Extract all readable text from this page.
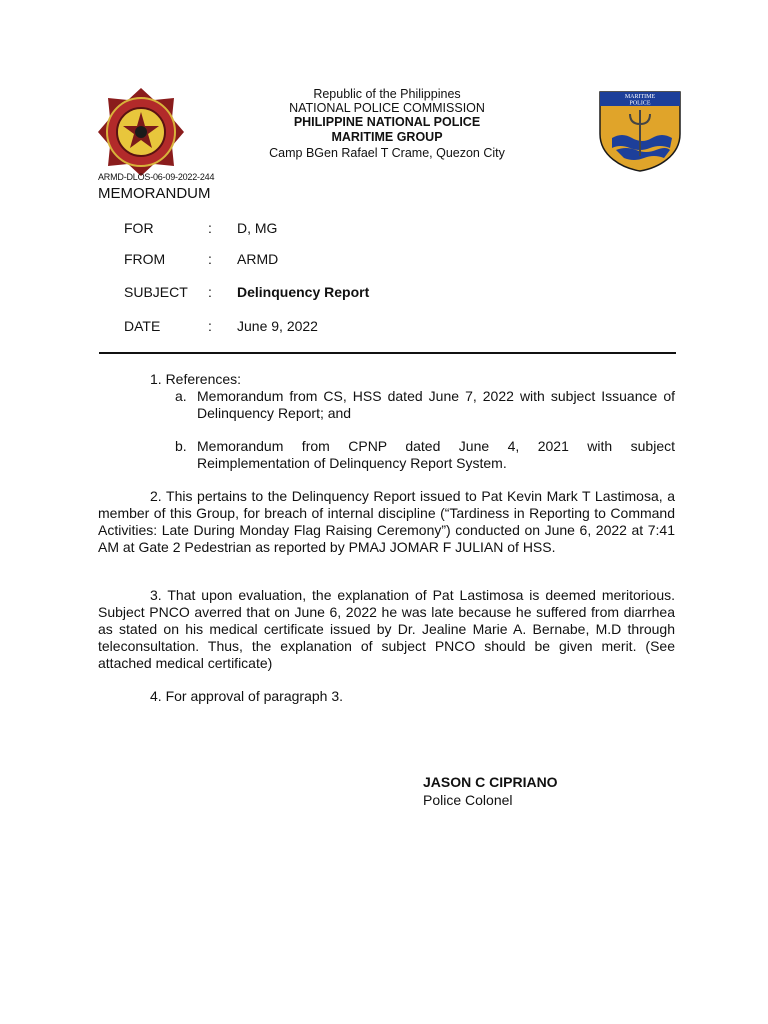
MARITIME
POLICE
Republic of the Philippines
NATIONAL POLICE COMMISSION
PHILIPPINE NATIONAL POLICE
MARITIME GROUP
Camp BGen Rafael T Crame, Quezon City
ARMD-DLOS-06-09-2022-244
MEMORANDUM
FOR	: D, MG
FROM	: ARMD
SUBJECT : Delinquency Report
DATE	: June 9, 2022
1. References:
a. Memorandum from CS, HSS dated June 7, 2022 with subject Issuance of Delinquency Report; and
b. Memorandum from CPNP dated June 4, 2021 with subject Reimplementation of Delinquency Report System.
2. This pertains to the Delinquency Report issued to Pat Kevin Mark T Lastimosa, a member of this Group, for breach of internal discipline (“Tardiness in Reporting to Command Activities: Late During Monday Flag Raising Ceremony”) conducted on June 6, 2022 at 7:41 AM at Gate 2 Pedestrian as reported by PMAJ JOMAR F JULIAN of HSS.
3. That upon evaluation, the explanation of Pat Lastimosa is deemed meritorious. Subject PNCO averred that on June 6, 2022 he was late because he suffered from diarrhea as stated on his medical certificate issued by Dr. Jealine Marie A. Bernabe, M.D through teleconsultation. Thus, the explanation of subject PNCO should be given merit. (See attached medical certificate)
4. For approval of paragraph 3.
JASON C CIPRIANO
Police Colonel
